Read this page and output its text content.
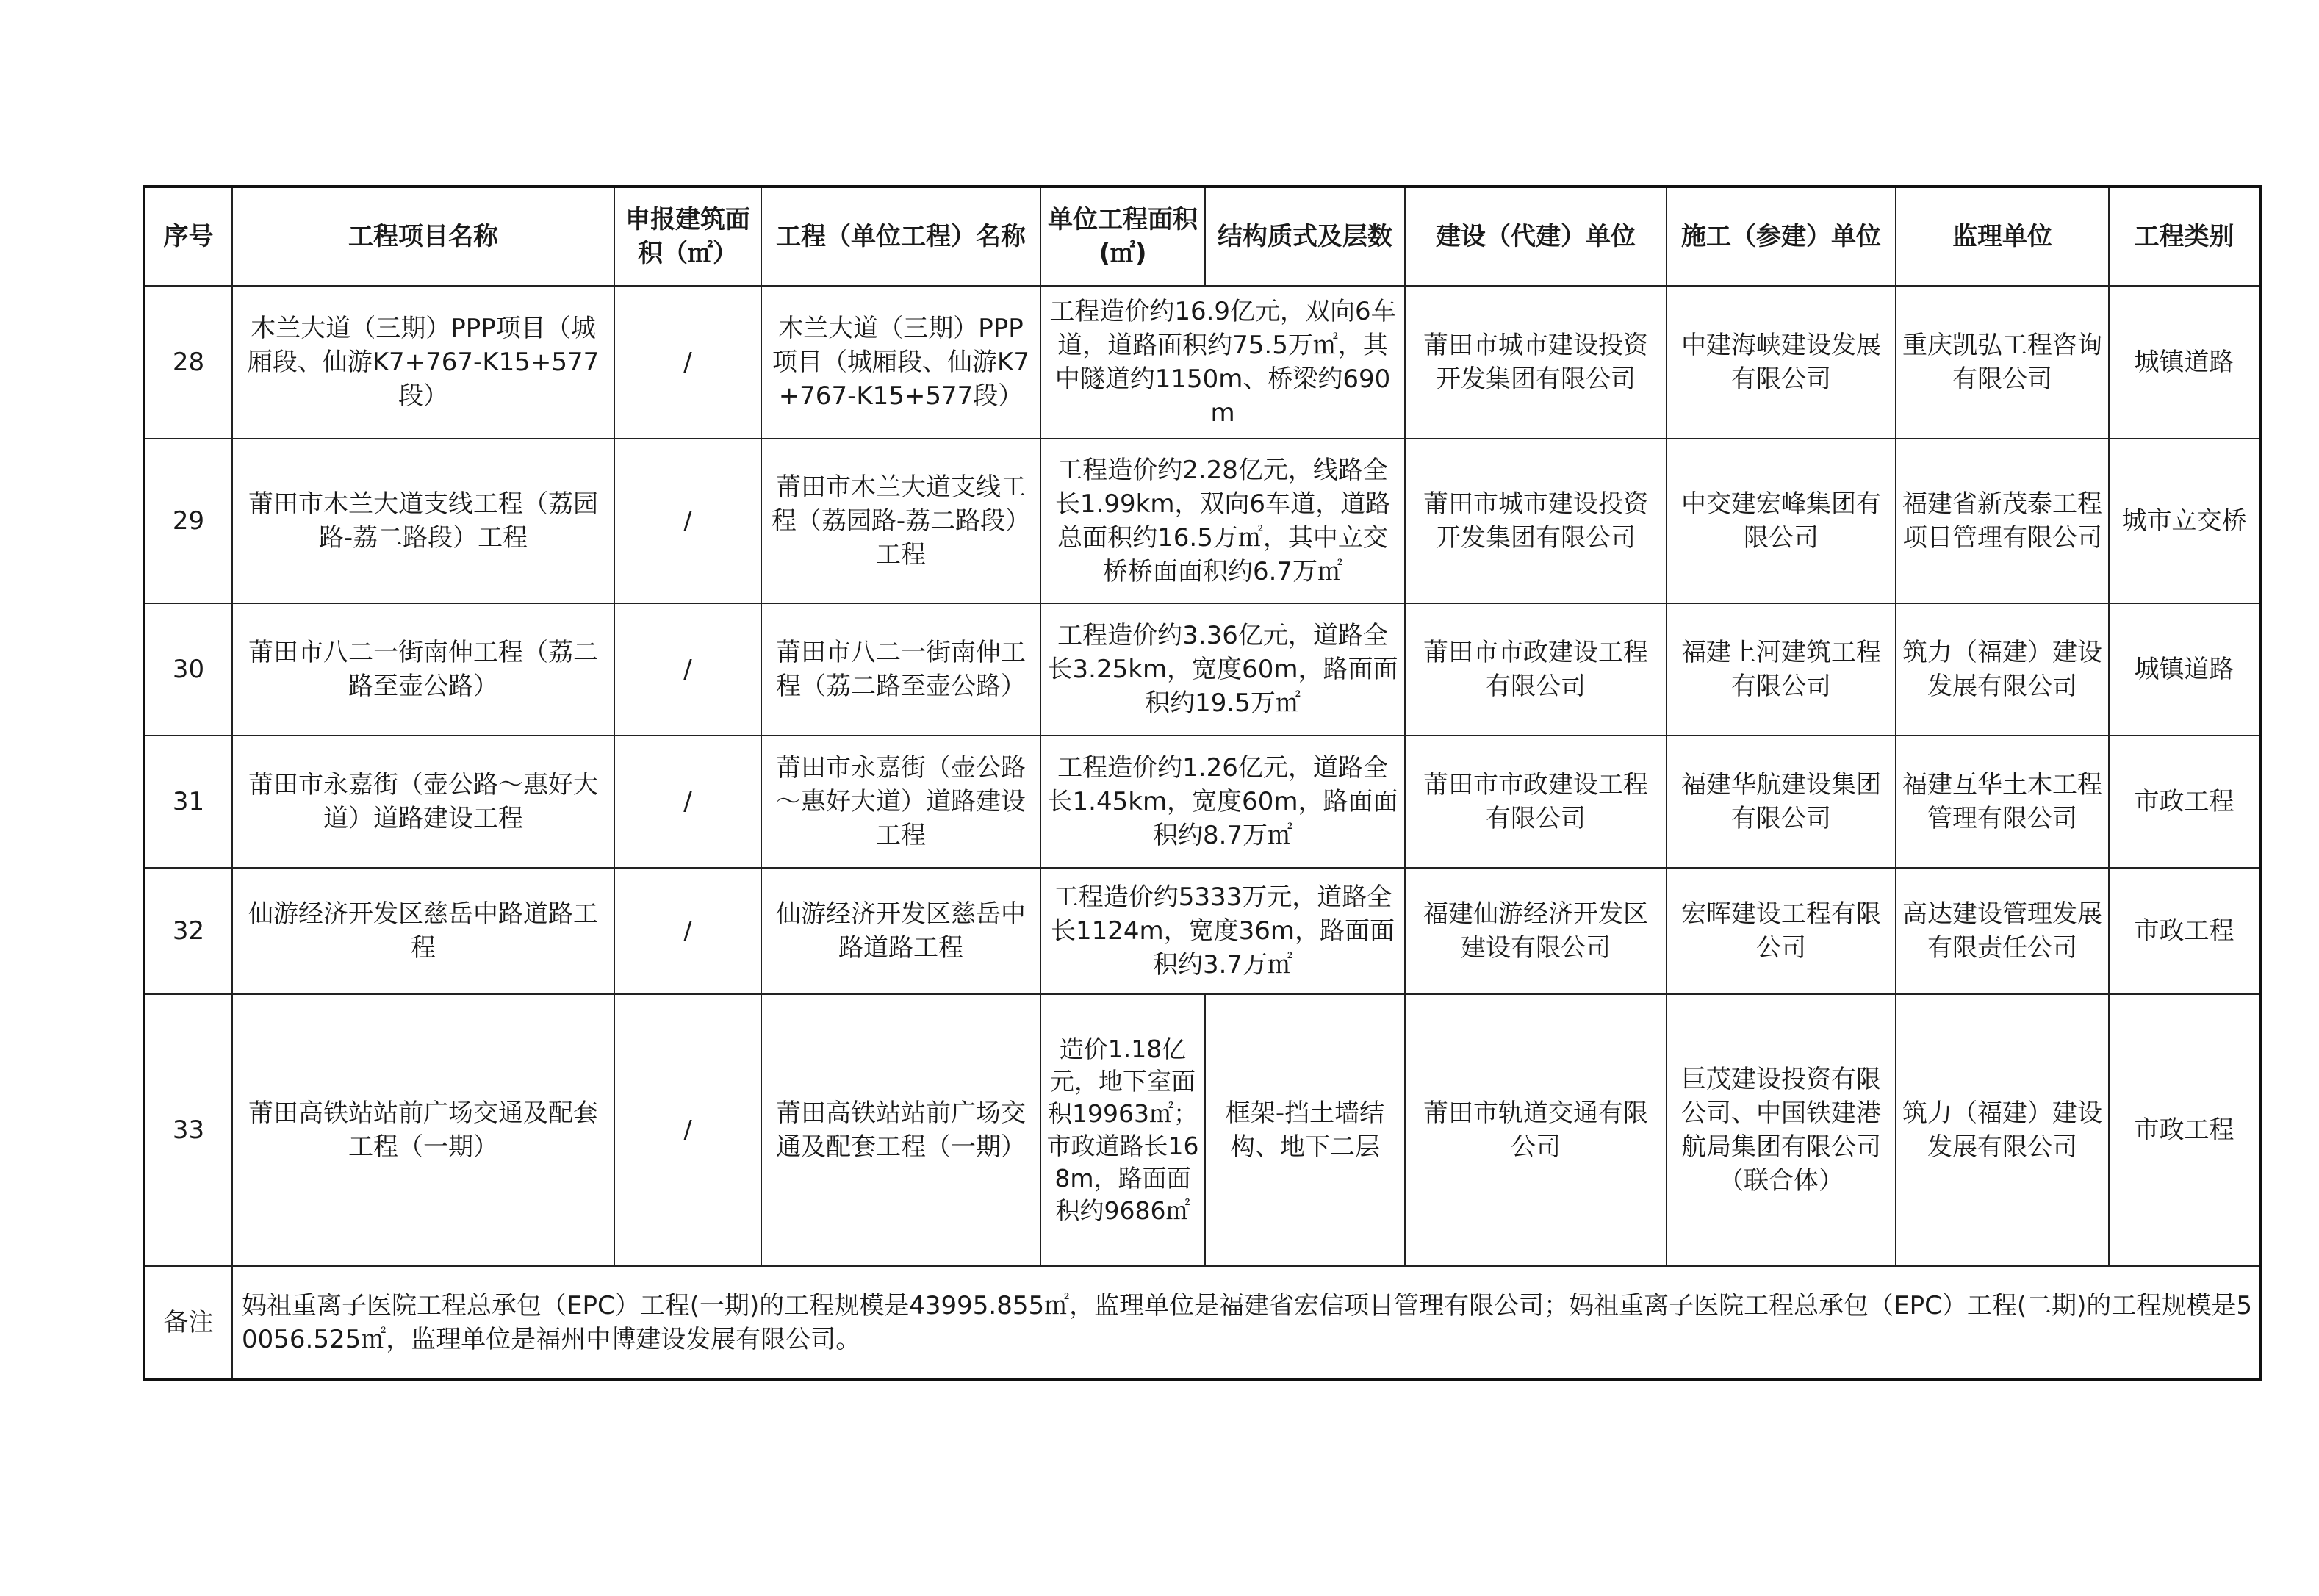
序号	工程项目名称	申报建筑面积（㎡）	工程（单位工程）名称	单位工程面积(㎡)	结构质式及层数	建设（代建）单位	施工（参建）单位	监理单位	工程类别
28	木兰大道（三期）PPP项目（城厢段、仙游K7+767-K15+577段）	/	木兰大道（三期）PPP项目（城厢段、仙游K7+767-K15+577段）	工程造价约16.9亿元，双向6车道，道路面积约75.5万㎡，其中隧道约1150m、桥梁约690m		莆田市城市建设投资开发集团有限公司	中建海峡建设发展有限公司	重庆凯弘工程咨询有限公司	城镇道路
29	莆田市木兰大道支线工程（荔园路-荔二路段）工程	/	莆田市木兰大道支线工程（荔园路-荔二路段）工程	工程造价约2.28亿元，线路全长1.99km，双向6车道，道路总面积约16.5万㎡，其中立交桥桥面面积约6.7万㎡		莆田市城市建设投资开发集团有限公司	中交建宏峰集团有限公司	福建省新茂泰工程项目管理有限公司	城市立交桥
30	莆田市八二一街南伸工程（荔二路至壶公路）	/	莆田市八二一街南伸工程（荔二路至壶公路）	工程造价约3.36亿元，道路全长3.25km，宽度60m，路面面积约19.5万㎡		莆田市市政建设工程有限公司	福建上河建筑工程有限公司	筑力（福建）建设发展有限公司	城镇道路
31	莆田市永嘉街（壶公路～惠好大道）道路建设工程	/	莆田市永嘉街（壶公路～惠好大道）道路建设工程	工程造价约1.26亿元，道路全长1.45km，宽度60m，路面面积约8.7万㎡		莆田市市政建设工程有限公司	福建华航建设集团有限公司	福建互华土木工程管理有限公司	市政工程
32	仙游经济开发区慈岳中路道路工程	/	仙游经济开发区慈岳中路道路工程	工程造价约5333万元，道路全长1124m，宽度36m，路面面积约3.7万㎡		福建仙游经济开发区建设有限公司	宏晖建设工程有限公司	高达建设管理发展有限责任公司	市政工程
33	莆田高铁站站前广场交通及配套工程（一期）	/	莆田高铁站站前广场交通及配套工程（一期）	造价1.18亿元，地下室面积19963㎡；市政道路长168m，路面面积约9686㎡	框架-挡土墙结构、地下二层	莆田市轨道交通有限公司	巨茂建设投资有限公司、中国铁建港航局集团有限公司（联合体）	筑力（福建）建设发展有限公司	市政工程
备注	妈祖重离子医院工程总承包（EPC）工程(一期)的工程规模是43995.855㎡，监理单位是福建省宏信项目管理有限公司；妈祖重离子医院工程总承包（EPC）工程(二期)的工程规模是50056.525㎡，监理单位是福州中博建设发展有限公司。								
